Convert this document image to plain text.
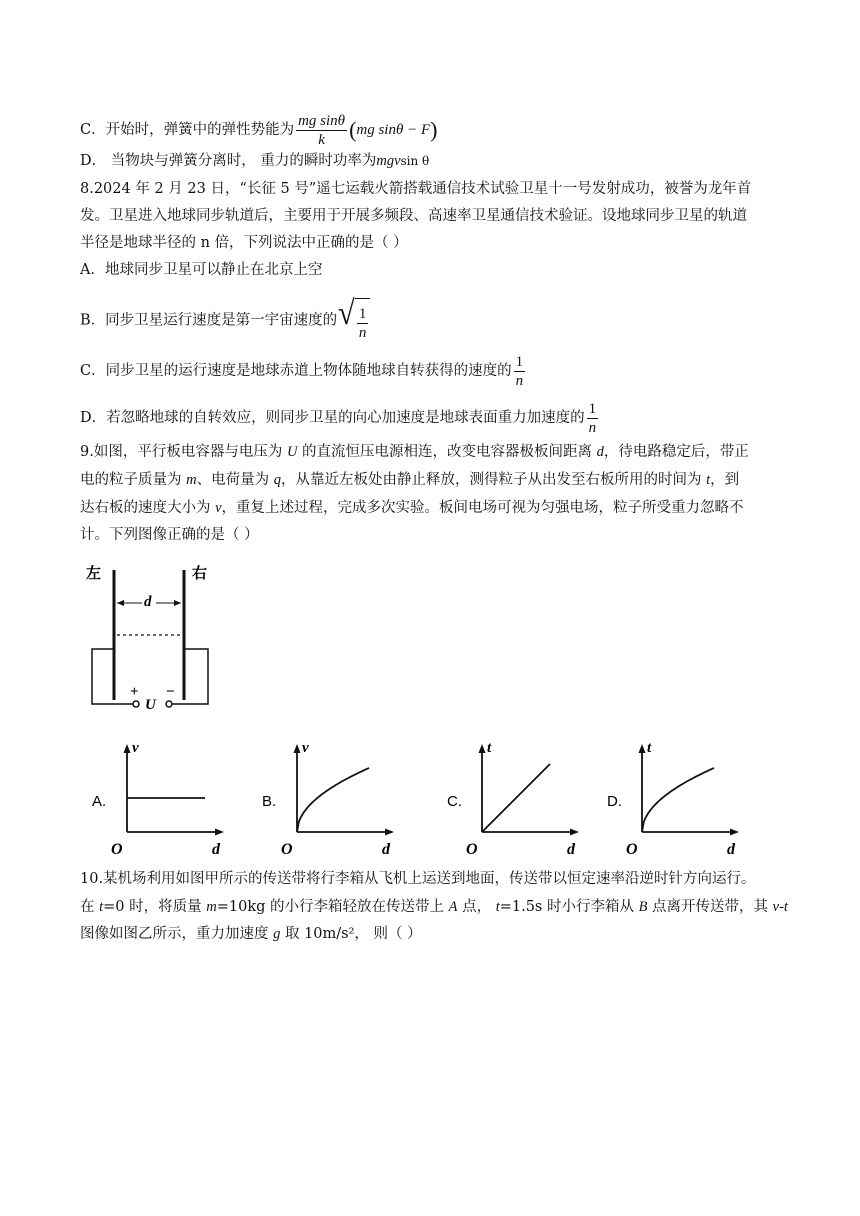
C．开始时，弹簧中的弹性势能为 $\frac{\text{mg sinθ}}{k} (mg$ sinθ − F)
D． 当物块与弹簧分离时， 重力的瞬时功率为mgvsin θ
8.2024 年 2 月 23 日，“长征 5 号”遥七运载火箭搭载通信技术试验卫星十一号发射成功，被誉为龙年首
发。卫星进入地球同步轨道后，主要用于开展多频段、高速率卫星通信技术验证。设地球同步卫星的轨道
半径是地球半径的 n 倍，下列说法中正确的是（ ）
A．地球同步卫星可以静止在北京上空
B．同步卫星运行速度是第一宇宙速度的 √ $\frac{1}{n}$
C．同步卫星的运行速度是地球赤道上物体随地球自转获得的速度的 $\frac{1}{n}$
D．若忽略地球的自转效应，则同步卫星的向心加速度是地球表面重力加速度的 $\frac{1}{n}$
9.如图，平行板电容器与电压为 U 的直流恒压电源相连，改变电容器极板间距离 d，待电路稳定后，带正
电的粒子质量为 m、电荷量为 q，从靠近左板处由静止释放，测得粒子从出发至右板所用的时间为 t，到
达右板的速度大小为 v，重复上述过程，完成多次实验。板间电场可视为匀强电场，粒子所受重力忽略不
计。下列图像正确的是（ ）
左	右
d
+ −
U
A.
v
d
O
B.
v
d
O
C.
t
d
O
D.
t
d
O
10.某机场利用如图甲所示的传送带将行李箱从飞机上运送到地面，传送带以恒定速率沿逆时针方向运行。
在 t=0 时，将质量 m=10kg 的小行李箱轻放在传送带上 A 点， t=1.5s 时小行李箱从 B 点离开传送带，其 v-t
图像如图乙所示，重力加速度 g 取 10m/s²， 则（ ）
